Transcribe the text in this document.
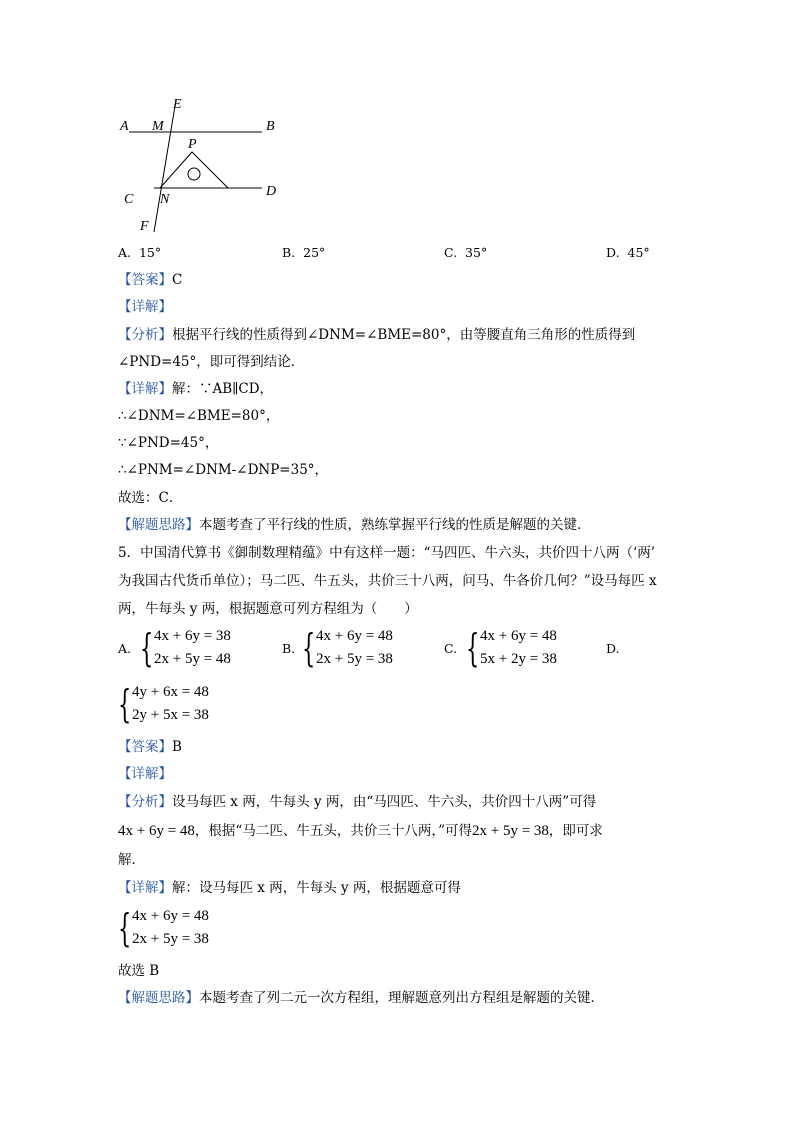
E
A M	B
P
C N
D
F
A. 15°	B. 25°	C. 35°	D. 45°
【答案】C
【详解】
【分析】根据平行线的性质得到∠DNM=∠BME=80°，由等腰直角三角形的性质得到
∠PND=45°，即可得到结论．
【详解】解：∵AB∥CD，
∴∠DNM=∠BME=80°，
∵∠PND=45°，
∴∠PNM=∠DNM-∠DNP=35°，
故选：C．
【解题思路】本题考查了平行线的性质，熟练掌握平行线的性质是解题的关键．
5．中国清代算书《御制数理精蕴》中有这样一题：“马四匹、牛六头，共价四十八两（‘两’
为我国古代货币单位）；马二匹、牛五头，共价三十八两，问马、牛各价几何？”设马每匹 x
两，牛每头 y 两，根据题意可列方程组为（　　）
A. { 4x + 6y = 38
2x + 5y = 48
B. { 4x + 6y = 48
2x + 5y = 38
C. { 4x + 6y = 48
5x + 2y = 38
D.
{ 4y + 6x = 48
2y + 5x = 38
【答案】B
【详解】
【分析】设马每匹 x 两，牛每头 y 两，由“马四匹、牛六头，共价四十八两”可得
4x + 6y = 48，根据“马二匹、牛五头，共价三十八两，”可得2x + 5y = 38，即可求
解．
【详解】解：设马每匹 x 两，牛每头 y 两，根据题意可得
{ 4x + 6y = 48
2x + 5y = 38
故选 B
【解题思路】本题考查了列二元一次方程组，理解题意列出方程组是解题的关键．
